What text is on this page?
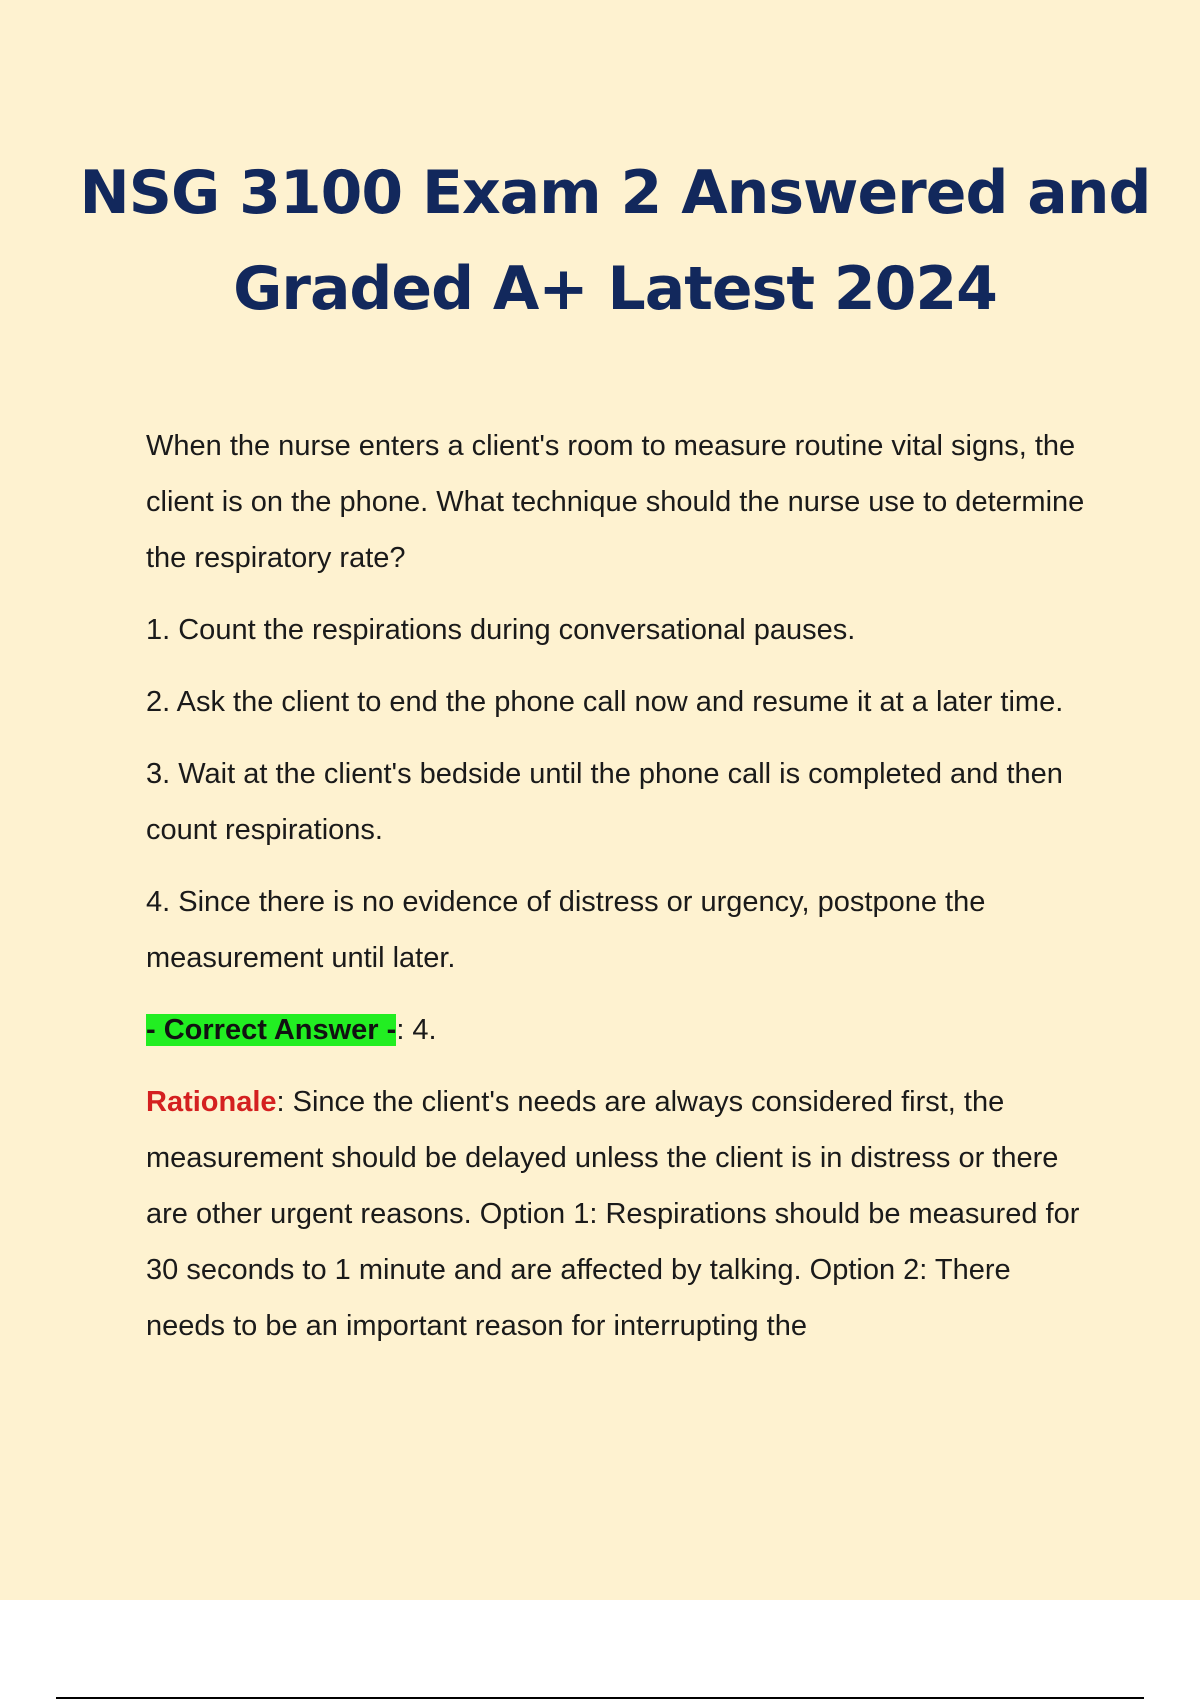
NSG 3100 Exam 2 Answered and Graded A+ Latest 2024

When the nurse enters a client's room to measure routine vital signs, the client is on the phone. What technique should the nurse use to determine the respiratory rate?

1. Count the respirations during conversational pauses.

2. Ask the client to end the phone call now and resume it at a later time.

3. Wait at the client's bedside until the phone call is completed and then count respirations.

4. Since there is no evidence of distress or urgency, postpone the measurement until later.

- Correct Answer -: 4.

Rationale: Since the client's needs are always considered first, the measurement should be delayed unless the client is in distress or there are other urgent reasons. Option 1: Respirations should be measured for 30 seconds to 1 minute and are affected by talking. Option 2: There needs to be an important reason for interrupting the
